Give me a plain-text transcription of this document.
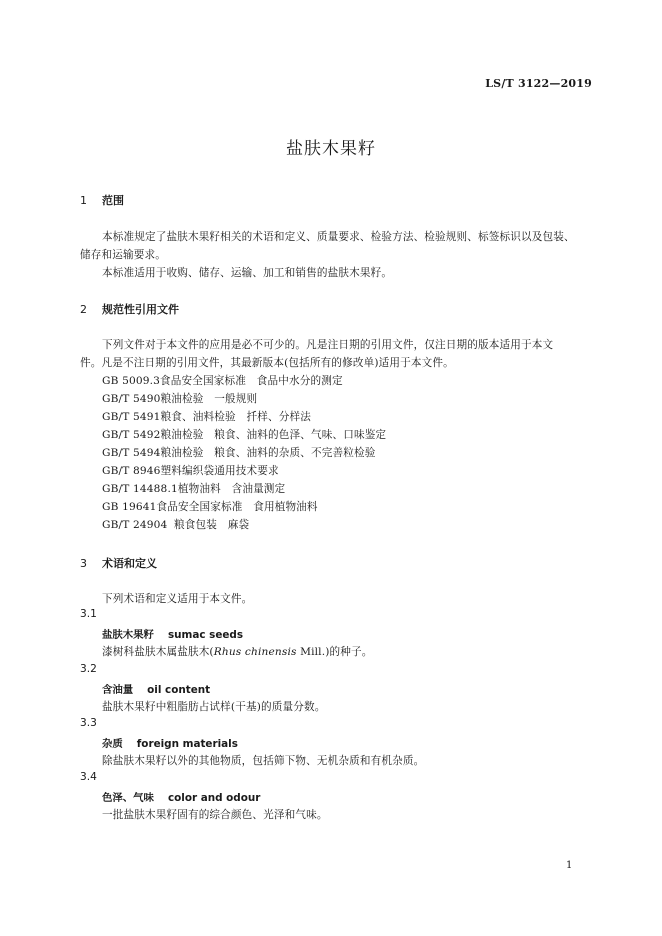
LS/T 3122—2019
盐肤木果籽
1 范围
本标准规定了盐肤木果籽相关的术语和定义、质量要求、检验方法、检验规则、标签标识以及包装、
储存和运输要求。
本标准适用于收购、储存、运输、加工和销售的盐肤木果籽。
2 规范性引用文件
下列文件对于本文件的应用是必不可少的。凡是注日期的引用文件，仅注日期的版本适用于本文
件。凡是不注日期的引用文件，其最新版本(包括所有的修改单)适用于本文件。
GB 5009.3食品安全国家标准　食品中水分的测定
GB/T 5490粮油检验　一般规则
GB/T 5491粮食、油料检验　扦样、分样法
GB/T 5492粮油检验　粮食、油料的色泽、气味、口味鉴定
GB/T 5494粮油检验　粮食、油料的杂质、不完善粒检验
GB/T 8946塑料编织袋通用技术要求
GB/T 14488.1植物油料　含油量测定
GB 19641食品安全国家标准　食用植物油料
GB/T 24904 粮食包装　麻袋
3 术语和定义
下列术语和定义适用于本文件。
3.1
盐肤木果籽 sumac seeds
漆树科盐肤木属盐肤木(Rhus chinensis Mill.)的种子。
3.2
含油量 oil content
盐肤木果籽中粗脂肪占试样(干基)的质量分数。
3.3
杂质 foreign materials
除盐肤木果籽以外的其他物质，包括筛下物、无机杂质和有机杂质。
3.4
色泽、气味 color and odour
一批盐肤木果籽固有的综合颜色、光泽和气味。
1
